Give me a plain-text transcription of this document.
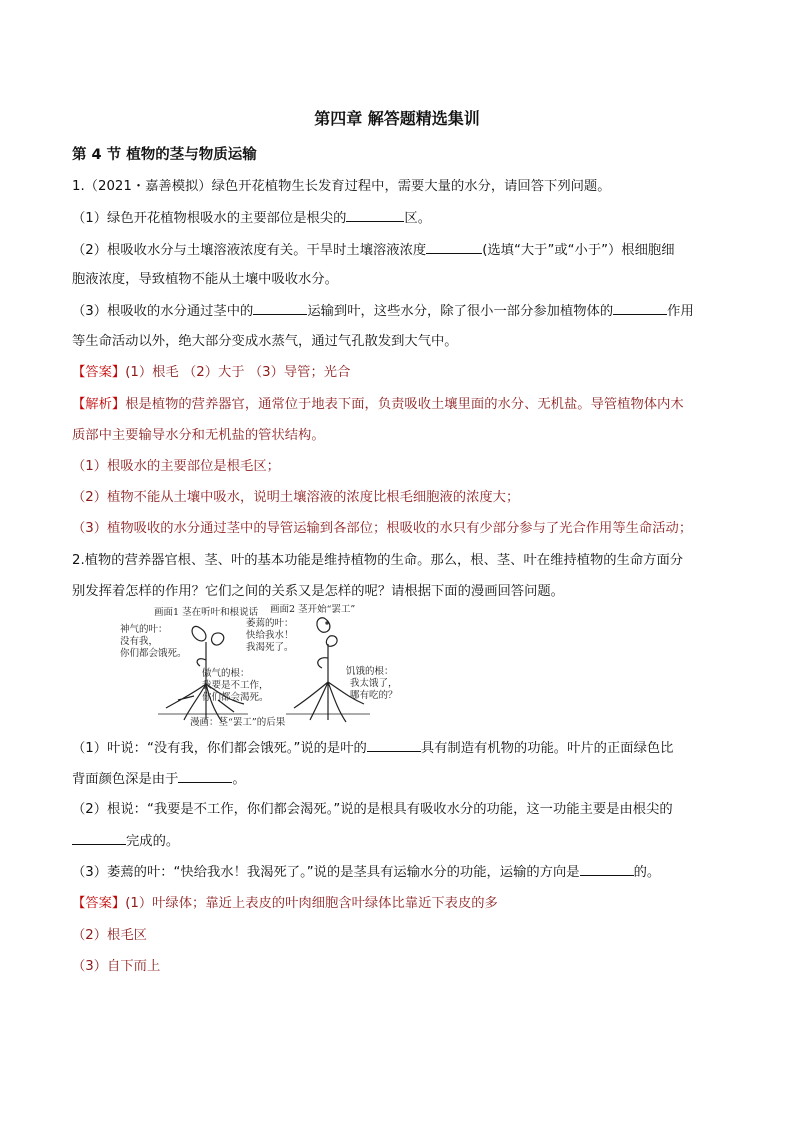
第四章 解答题精选集训
第 4 节 植物的茎与物质运输
1.（2021・嘉善模拟）绿色开花植物生长发育过程中，需要大量的水分，请回答下列问题。
（1）绿色开花植物根吸水的主要部位是根尖的	区。
（2）根吸收水分与土壤溶液浓度有关。干旱时土壤溶液浓度	(选填“大于”或“小于”）根细胞细
胞液浓度，导致植物不能从土壤中吸收水分。
（3）根吸收的水分通过茎中的	运输到叶，这些水分，除了很小一部分参加植物体的	作用
等生命活动以外，绝大部分变成水蒸气，通过气孔散发到大气中。
【答案】(1）根毛 （2）大于 （3）导管；光合
【解析】根是植物的营养器官，通常位于地表下面，负责吸收土壤里面的水分、无机盐。导管植物体内木
质部中主要输导水分和无机盐的管状结构。
（1）根吸水的主要部位是根毛区；
（2）植物不能从土壤中吸水，说明土壤溶液的浓度比根毛细胞液的浓度大；
（3）植物吸收的水分通过茎中的导管运输到各部位；根吸收的水只有少部分参与了光合作用等生命活动；
2.植物的营养器官根、茎、叶的基本功能是维持植物的生命。那么，根、茎、叶在维持植物的生命方面分
别发挥着怎样的作用？它们之间的关系又是怎样的呢？请根据下面的漫画回答问题。
画面1 茎在听叶和根说话 画面2 茎开始“罢工”
神气的叶：
没有我，
你们都会饿死。
傲气的根：
我要是不工作，
你们都会渴死。
萎蔫的叶：
快给我水！
我渴死了。
饥饿的根：
我太饿了，
哪有吃的？
漫画：茎“罢工”的后果
（1）叶说：“没有我，你们都会饿死。”说的是叶的	具有制造有机物的功能。叶片的正面绿色比
背面颜色深是由于	。
（2）根说：“我要是不工作，你们都会渴死。”说的是根具有吸收水分的功能，这一功能主要是由根尖的
完成的。
（3）萎蔫的叶：“快给我水！我渴死了。”说的是茎具有运输水分的功能，运输的方向是	的。
【答案】(1）叶绿体；靠近上表皮的叶肉细胞含叶绿体比靠近下表皮的多
（2）根毛区
（3）自下而上
